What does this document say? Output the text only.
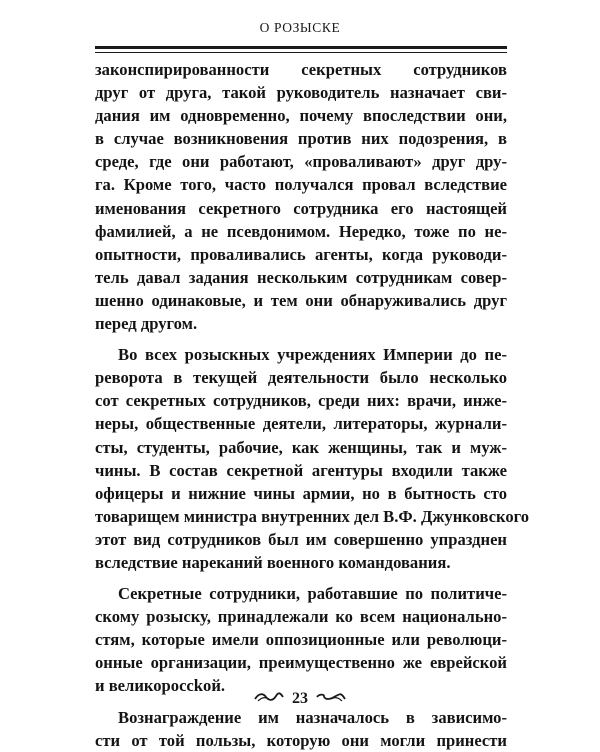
О РОЗЫСКЕ
законспирированности секретных сотрудников
друг от друга, такой руководитель назначает сви-
дания им одновременно, почему впоследствии они,
в случае возникновения против них подозрения, в
среде, где они работают, «проваливают» друг дру-
га. Кроме того, часто получался провал вследствие
именования секретного сотрудника его настоящей
фамилией, а не псевдонимом. Нередко, тоже по не-
опытности, проваливались агенты, когда руководи-
тель давал задания нескольким сотрудникам совер-
шенно одинаковые, и тем они обнаруживались друг
перед другом.
Во всех розыскных учреждениях Империи до пе-
реворота в текущей деятельности было несколько
сот секретных сотрудников, среди них: врачи, инже-
неры, общественные деятели, литераторы, журнали-
сты, студенты, рабочие, как женщины, так и муж-
чины. В состав секретной агентуры входили также
офицеры и нижние чины армии, но в бытность сто
товарищем министра внутренних дел В.Ф. Джунковского
этот вид сотрудников был им совершенно упразднен
вследствие нареканий военного командования.
Секретные сотрудники, работавшие по политиче-
скому розыску, принадлежали ко всем национально-
стям, которые имели оппозиционные или революци-
онные организации, преимущественно же еврейской
и великороссkой.
Вознаграждение им назначалось в зависимо-
сти от той пользы, которую они могли принести
23
